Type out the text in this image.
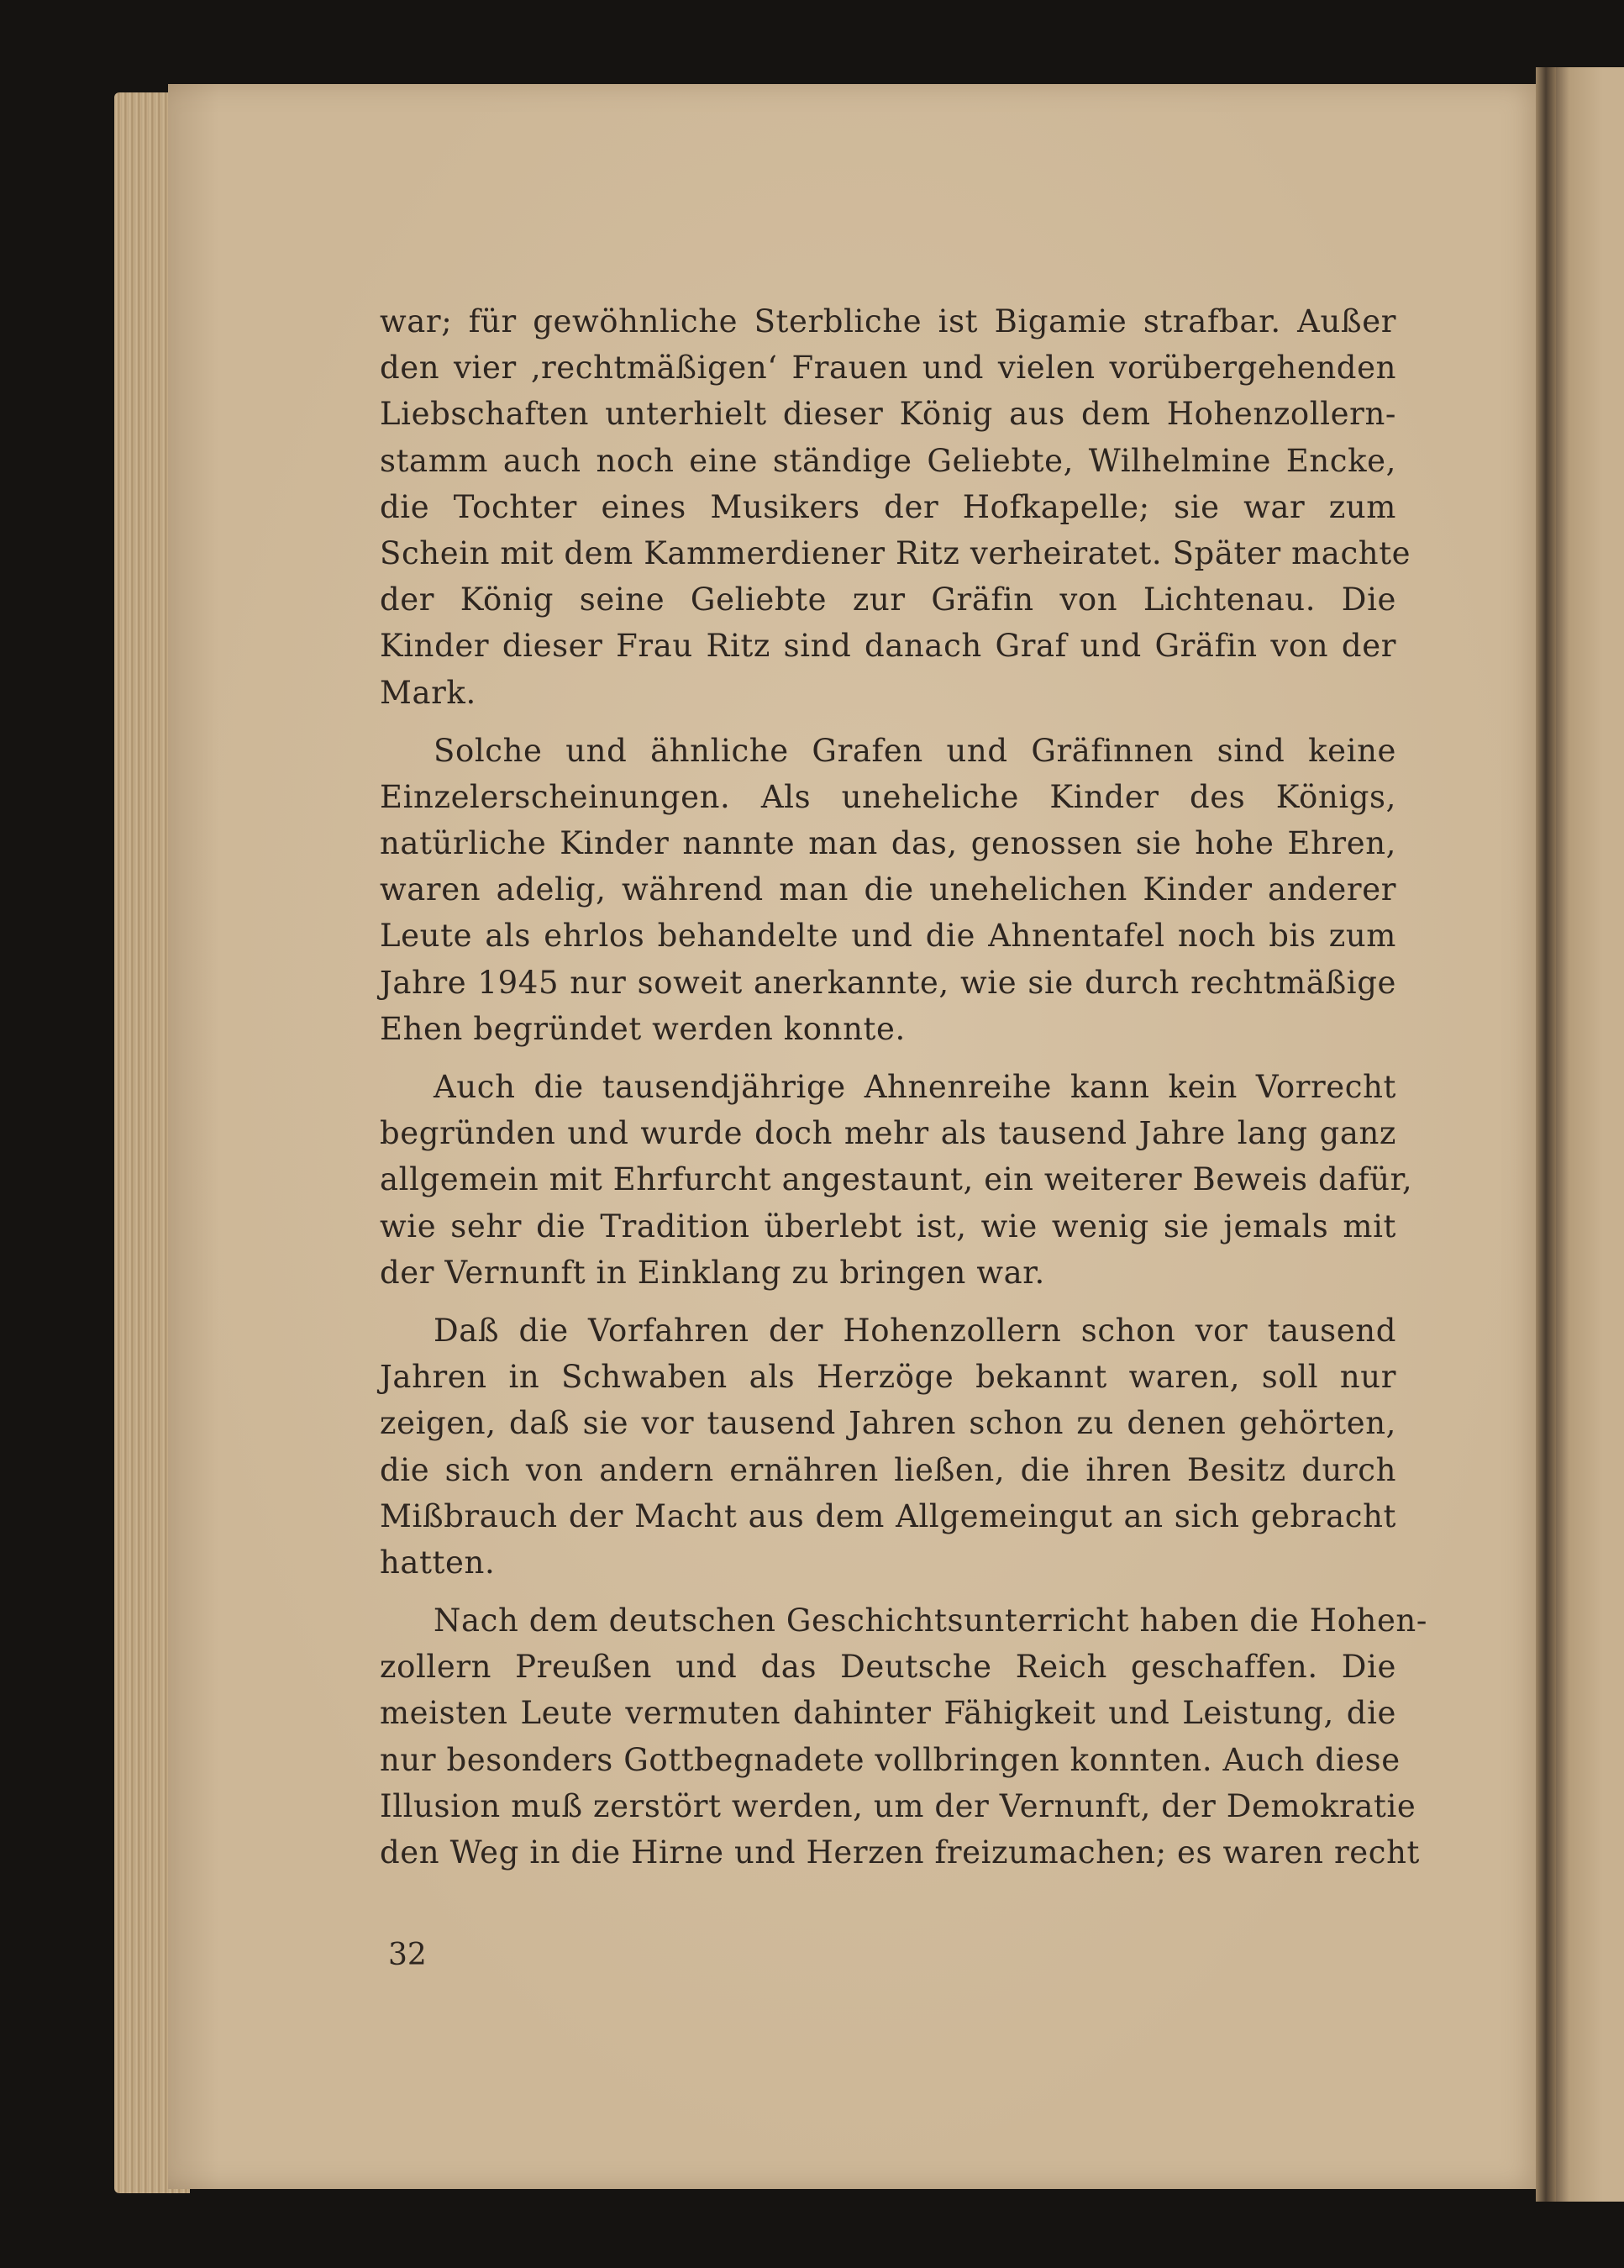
war; für gewöhnliche Sterbliche ist Bigamie strafbar. Außer
den vier ‚rechtmäßigen‘ Frauen und vielen vorübergehenden
Liebschaften unterhielt dieser König aus dem Hohenzollern-
stamm auch noch eine ständige Geliebte, Wilhelmine Encke,
die Tochter eines Musikers der Hofkapelle; sie war zum
Schein mit dem Kammerdiener Ritz verheiratet. Später machte
der König seine Geliebte zur Gräfin von Lichtenau. Die
Kinder dieser Frau Ritz sind danach Graf und Gräfin von der
Mark.
Solche und ähnliche Grafen und Gräfinnen sind keine
Einzelerscheinungen. Als uneheliche Kinder des Königs,
natürliche Kinder nannte man das, genossen sie hohe Ehren,
waren adelig, während man die unehelichen Kinder anderer
Leute als ehrlos behandelte und die Ahnentafel noch bis zum
Jahre 1945 nur soweit anerkannte, wie sie durch rechtmäßige
Ehen begründet werden konnte.
Auch die tausendjährige Ahnenreihe kann kein Vorrecht
begründen und wurde doch mehr als tausend Jahre lang ganz
allgemein mit Ehrfurcht angestaunt, ein weiterer Beweis dafür,
wie sehr die Tradition überlebt ist, wie wenig sie jemals mit
der Vernunft in Einklang zu bringen war.
Daß die Vorfahren der Hohenzollern schon vor tausend
Jahren in Schwaben als Herzöge bekannt waren, soll nur
zeigen, daß sie vor tausend Jahren schon zu denen gehörten,
die sich von andern ernähren ließen, die ihren Besitz durch
Mißbrauch der Macht aus dem Allgemeingut an sich gebracht
hatten.
Nach dem deutschen Geschichtsunterricht haben die Hohen-
zollern Preußen und das Deutsche Reich geschaffen. Die
meisten Leute vermuten dahinter Fähigkeit und Leistung, die
nur besonders Gottbegnadete vollbringen konnten. Auch diese
Illusion muß zerstört werden, um der Vernunft, der Demokratie
den Weg in die Hirne und Herzen freizumachen; es waren recht
32
